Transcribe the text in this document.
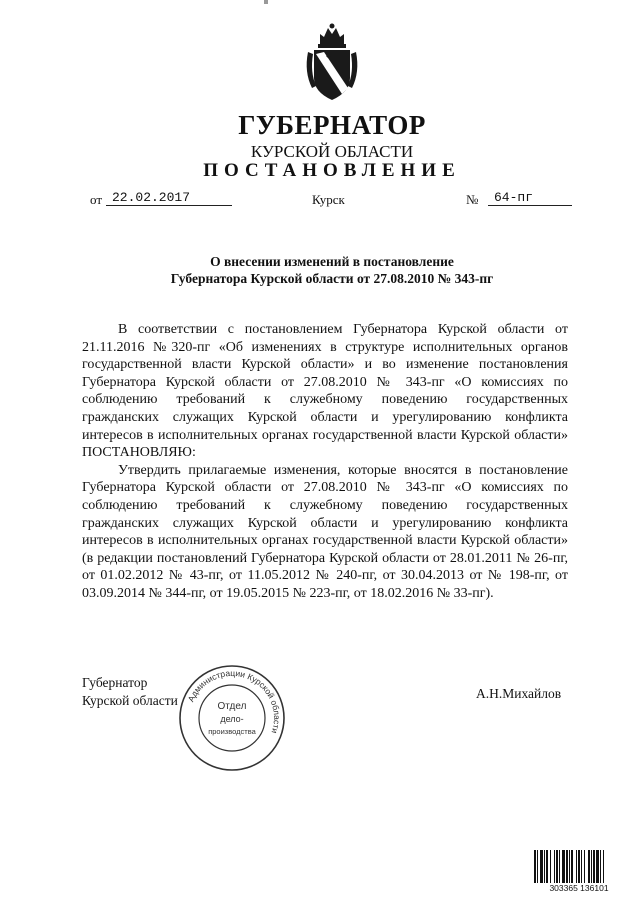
ГУБЕРНАТОР
КУРСКОЙ ОБЛАСТИ
ПОСТАНОВЛЕНИЕ
от 22.02.2017	Курск	№ 64-пг
О внесении изменений в постановление
Губернатора Курской области от 27.08.2010 № 343-пг

В соответствии с постановлением Губернатора Курской области от 21.11.2016 №320-пг «Об изменениях в структуре исполнительных органов государственной власти Курской области» и во изменение постановления Губернатора Курской области от 27.08.2010 № 343-пг «О комиссиях по соблюдению требований к служебному поведению государственных гражданских служащих Курской области и урегулированию конфликта интересов в исполнительных органах государственной власти Курской области» ПОСТАНОВЛЯЮ:

Утвердить прилагаемые изменения, которые вносятся в постановление Губернатора Курской области от 27.08.2010 № 343-пг «О комиссиях по соблюдению требований к служебному поведению государственных гражданских служащих Курской области и урегулированию конфликта интересов в исполнительных органах государственной власти Курской области» (в редакции постановлений Губернатора Курской области от 28.01.2011 № 26-пг, от 01.02.2012 № 43-пг, от 11.05.2012 № 240-пг, от 30.04.2013 от № 198-пг, от 03.09.2014 № 344-пг, от 19.05.2015 № 223-пг, от 18.02.2016 № 33-пг).

Губернатор
Курской области	А.Н.Михайлов
Администрации Курской области
Отдел
дело-
производства
303365 136101
